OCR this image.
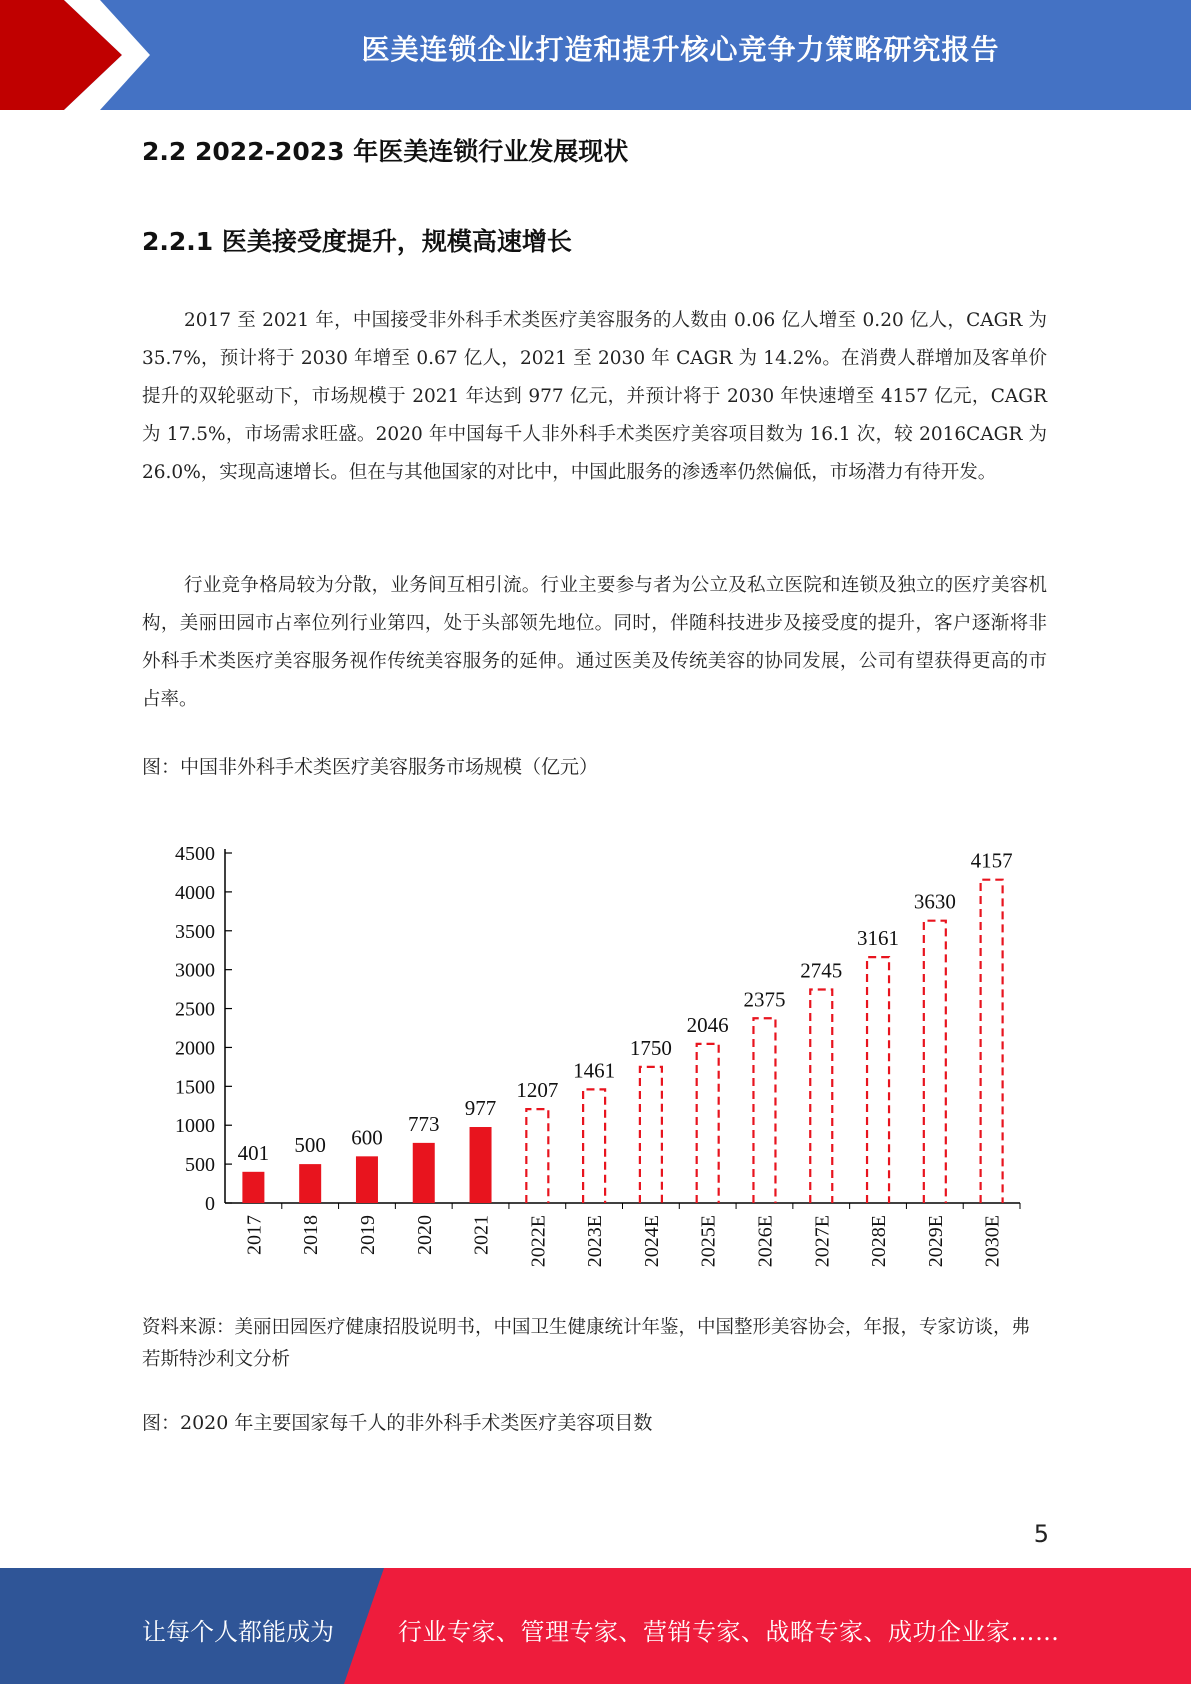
医美连锁企业打造和提升核心竞争力策略研究报告
2.2 2022-2023 年医美连锁行业发展现状
2.2.1 医美接受度提升，规模高速增长
2017 至 2021 年，中国接受非外科手术类医疗美容服务的人数由 0.06 亿人增至 0.20 亿人，CAGR 为 35.7%，预计将于 2030 年增至 0.67 亿人，2021 至 2030 年 CAGR 为 14.2%。在消费人群增加及客单价提升的双轮驱动下，市场规模于 2021 年达到 977 亿元，并预计将于 2030 年快速增至 4157 亿元，CAGR 为 17.5%，市场需求旺盛。2020 年中国每千人非外科手术类医疗美容项目数为 16.1 次，较 2016CAGR 为 26.0%，实现高速增长。但在与其他国家的对比中，中国此服务的渗透率仍然偏低，市场潜力有待开发。
行业竞争格局较为分散，业务间互相引流。行业主要参与者为公立及私立医院和连锁及独立的医疗美容机构，美丽田园市占率位列行业第四，处于头部领先地位。同时，伴随科技进步及接受度的提升，客户逐渐将非外科手术类医疗美容服务视作传统美容服务的延伸。通过医美及传统美容的协同发展，公司有望获得更高的市占率。
图：中国非外科手术类医疗美容服务市场规模（亿元）
0
500
1000
1500
2000
2500
3000
3500
4000
4500
401
2017
500
2018
600
2019
773
2020
977
2021
1207
2022E
1461
2023E
1750
2024E
2046
2025E
2375
2026E
2745
2027E
3161
2028E
3630
2029E
4157
2030E
资料来源：美丽田园医疗健康招股说明书，中国卫生健康统计年鉴，中国整形美容协会，年报，专家访谈，弗若斯特沙利文分析
图：2020 年主要国家每千人的非外科手术类医疗美容项目数
5
让每个人都能成为	行业专家、管理专家、营销专家、战略专家、成功企业家……
